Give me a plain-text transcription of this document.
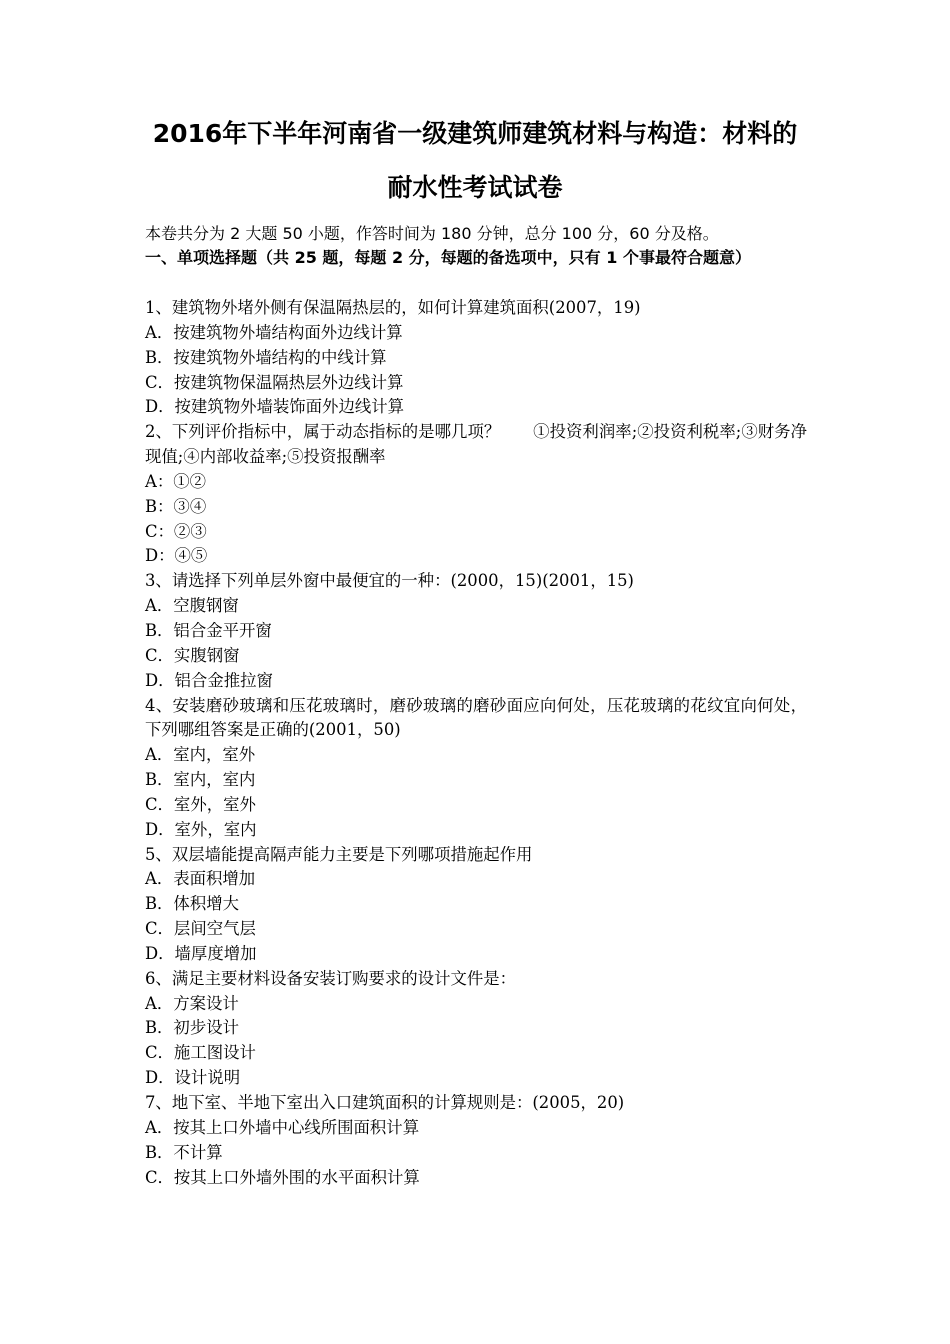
2016年下半年河南省一级建筑师建筑材料与构造：材料的
耐水性考试试卷
本卷共分为 2 大题 50 小题，作答时间为 180 分钟，总分 100 分，60 分及格。
一、单项选择题（共 25 题，每题 2 分，每题的备选项中，只有 1 个事最符合题意）
1、建筑物外堵外侧有保温隔热层的，如何计算建筑面积(2007，19)
A．按建筑物外墙结构面外边线计算
B．按建筑物外墙结构的中线计算
C．按建筑物保温隔热层外边线计算
D．按建筑物外墙装饰面外边线计算
2、下列评价指标中，属于动态指标的是哪几项？　　①投资利润率;②投资利税率;③财务净现值;④内部收益率;⑤投资报酬率
A：①②
B：③④
C：②③
D：④⑤
3、请选择下列单层外窗中最便宜的一种：(2000，15)(2001，15)
A．空腹钢窗
B．铝合金平开窗
C．实腹钢窗
D．铝合金推拉窗
4、安装磨砂玻璃和压花玻璃时，磨砂玻璃的磨砂面应向何处，压花玻璃的花纹宜向何处，下列哪组答案是正确的(2001，50)
A．室内，室外
B．室内，室内
C．室外，室外
D．室外，室内
5、双层墙能提高隔声能力主要是下列哪项措施起作用
A．表面积增加
B．体积增大
C．层间空气层
D．墙厚度增加
6、满足主要材料设备安装订购要求的设计文件是：
A．方案设计
B．初步设计
C．施工图设计
D．设计说明
7、地下室、半地下室出入口建筑面积的计算规则是：(2005，20)
A．按其上口外墙中心线所围面积计算
B．不计算
C．按其上口外墙外围的水平面积计算
